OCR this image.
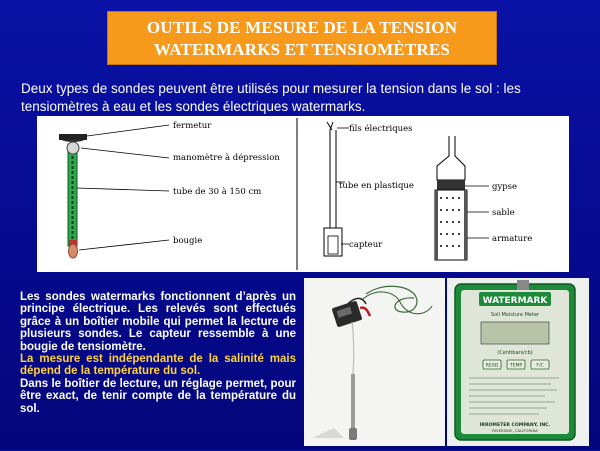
OUTILS DE MESURE DE LA TENSION
WATERMARKS ET TENSIOMÈTRES
Deux types de sondes peuvent être utilisés pour mesurer la tension dans le sol : les tensiomètres à eau et les sondes électriques watermarks.
fermetur
manomètre à dépression
tube de 30 à 150 cm
bougie
fils électriques
tube en plastique
capteur
gypse
sable
armature

Les sondes watermarks fonctionnent d’après un principe électrique. Les relevés sont effectués grâce à un boîtier mobile qui permet la lecture de plusieurs sondes. Le capteur ressemble à une bougie de tensiomètre.

La mesure est indépendante de la salinité mais dépend de la température du sol.

Dans le boîtier de lecture, un réglage permet, pour être exact, de tenir compte de la température du sol.

WATERMARK
Soil Moisture Meter
(Centibars/cb)
READ	TEMP	F/C
IRROMETER COMPANY, INC.
RIVERSIDE, CALIFORNIA
